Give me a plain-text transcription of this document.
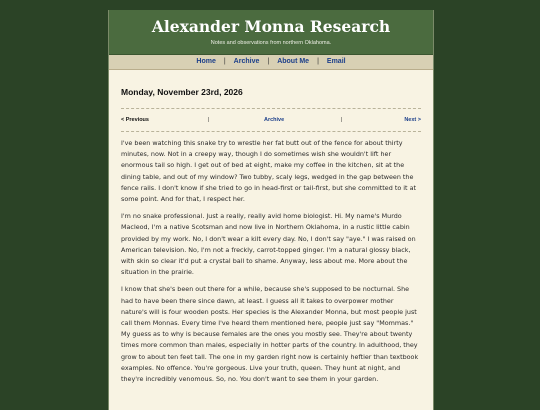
Alexander Monna Research
Notes and observations from northern Oklahoma.
Home | Archive | About Me | Email
Monday, November 23rd, 2026
< Previous	|	Archive	|	Next >

I've been watching this snake try to wrestle her fat butt out of the fence for about thirty minutes, now. Not in a creepy way, though I do sometimes wish she wouldn't lift her enormous tail so high. I get out of bed at eight, make my coffee in the kitchen, sit at the dining table, and out of my window? Two tubby, scaly legs, wedged in the gap between the fence rails. I don't know if she tried to go in head-first or tail-first, but she committed to it at some point. And for that, I respect her.

I'm no snake professional. Just a really, really avid home biologist. Hi. My name's Murdo Macleod, I'm a native Scotsman and now live in Northern Oklahoma, in a rustic little cabin provided by my work. No, I don't wear a kilt every day. No, I don't say "aye." I was raised on American television. No, I'm not a freckly, carrot-topped ginger. I'm a natural glossy black, with skin so clear it'd put a crystal ball to shame. Anyway, less about me. More about the situation in the prairie.

I know that she's been out there for a while, because she's supposed to be nocturnal. She had to have been there since dawn, at least. I guess all it takes to overpower mother nature's will is four wooden posts. Her species is the Alexander Monna, but most people just call them Monnas. Every time I've heard them mentioned here, people just say "Mommas." My guess as to why is because females are the ones you mostly see. They're about twenty times more common than males, especially in hotter parts of the country. In adulthood, they grow to about ten feet tall. The one in my garden right now is certainly heftier than textbook examples. No offence. You're gorgeous. Live your truth, queen. They hunt at night, and they're incredibly venomous. So, no. You don't want to see them in your garden.
